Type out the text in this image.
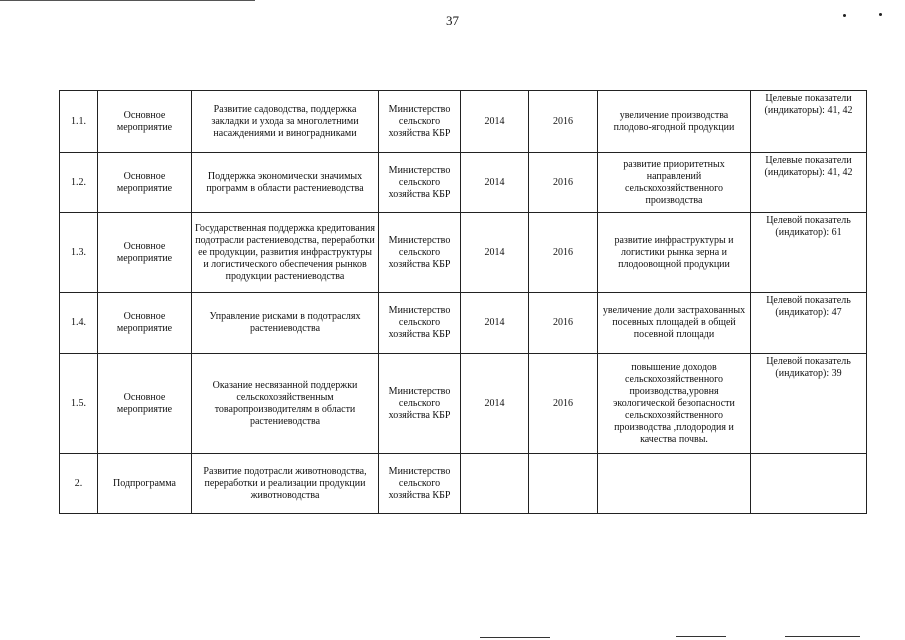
37
1.1.	Основное мероприятие	Развитие садоводства, поддержка закладки и ухода за многолетними насаждениями и виноградниками	Министерство сельского хозяйства КБР	2014	2016	увеличение производства плодово-ягодной продукции	Целевые показатели (индикаторы): 41, 42
1.2.	Основное мероприятие	Поддержка экономически значимых программ в области растениеводства	Министерство сельского хозяйства КБР	2014	2016	развитие приоритетных направлений сельскохозяйственного производства	Целевые показатели (индикаторы): 41, 42
1.3.	Основное мероприятие	Государственная поддержка кредитования подотрасли растениеводства, переработки ее продукции, развития инфраструктуры и логистического обеспечения рынков продукции растениеводства	Министерство сельского хозяйства КБР	2014	2016	развитие инфраструктуры и логистики рынка зерна и плодоовощной продукции	Целевой показатель (индикатор): 61
1.4.	Основное мероприятие	Управление рисками в подотраслях растениеводства	Министерство сельского хозяйства КБР	2014	2016	увеличение доли застрахованных посевных площадей в общей посевной площади	Целевой показатель (индикатор): 47
1.5.	Основное мероприятие	Оказание несвязанной поддержки сельскохозяйственным товаропроизводителям в области растениеводства	Министерство сельского хозяйства КБР	2014	2016	повышение доходов сельскохозяйственного производства,уровня экологической безопасности сельскохозяйственного производства ,плодородия и качества почвы.	Целевой показатель (индикатор): 39
2.	Подпрограмма	Развитие подотрасли животноводства, переработки и реализации продукции животноводства	Министерство сельского хозяйства КБР				
